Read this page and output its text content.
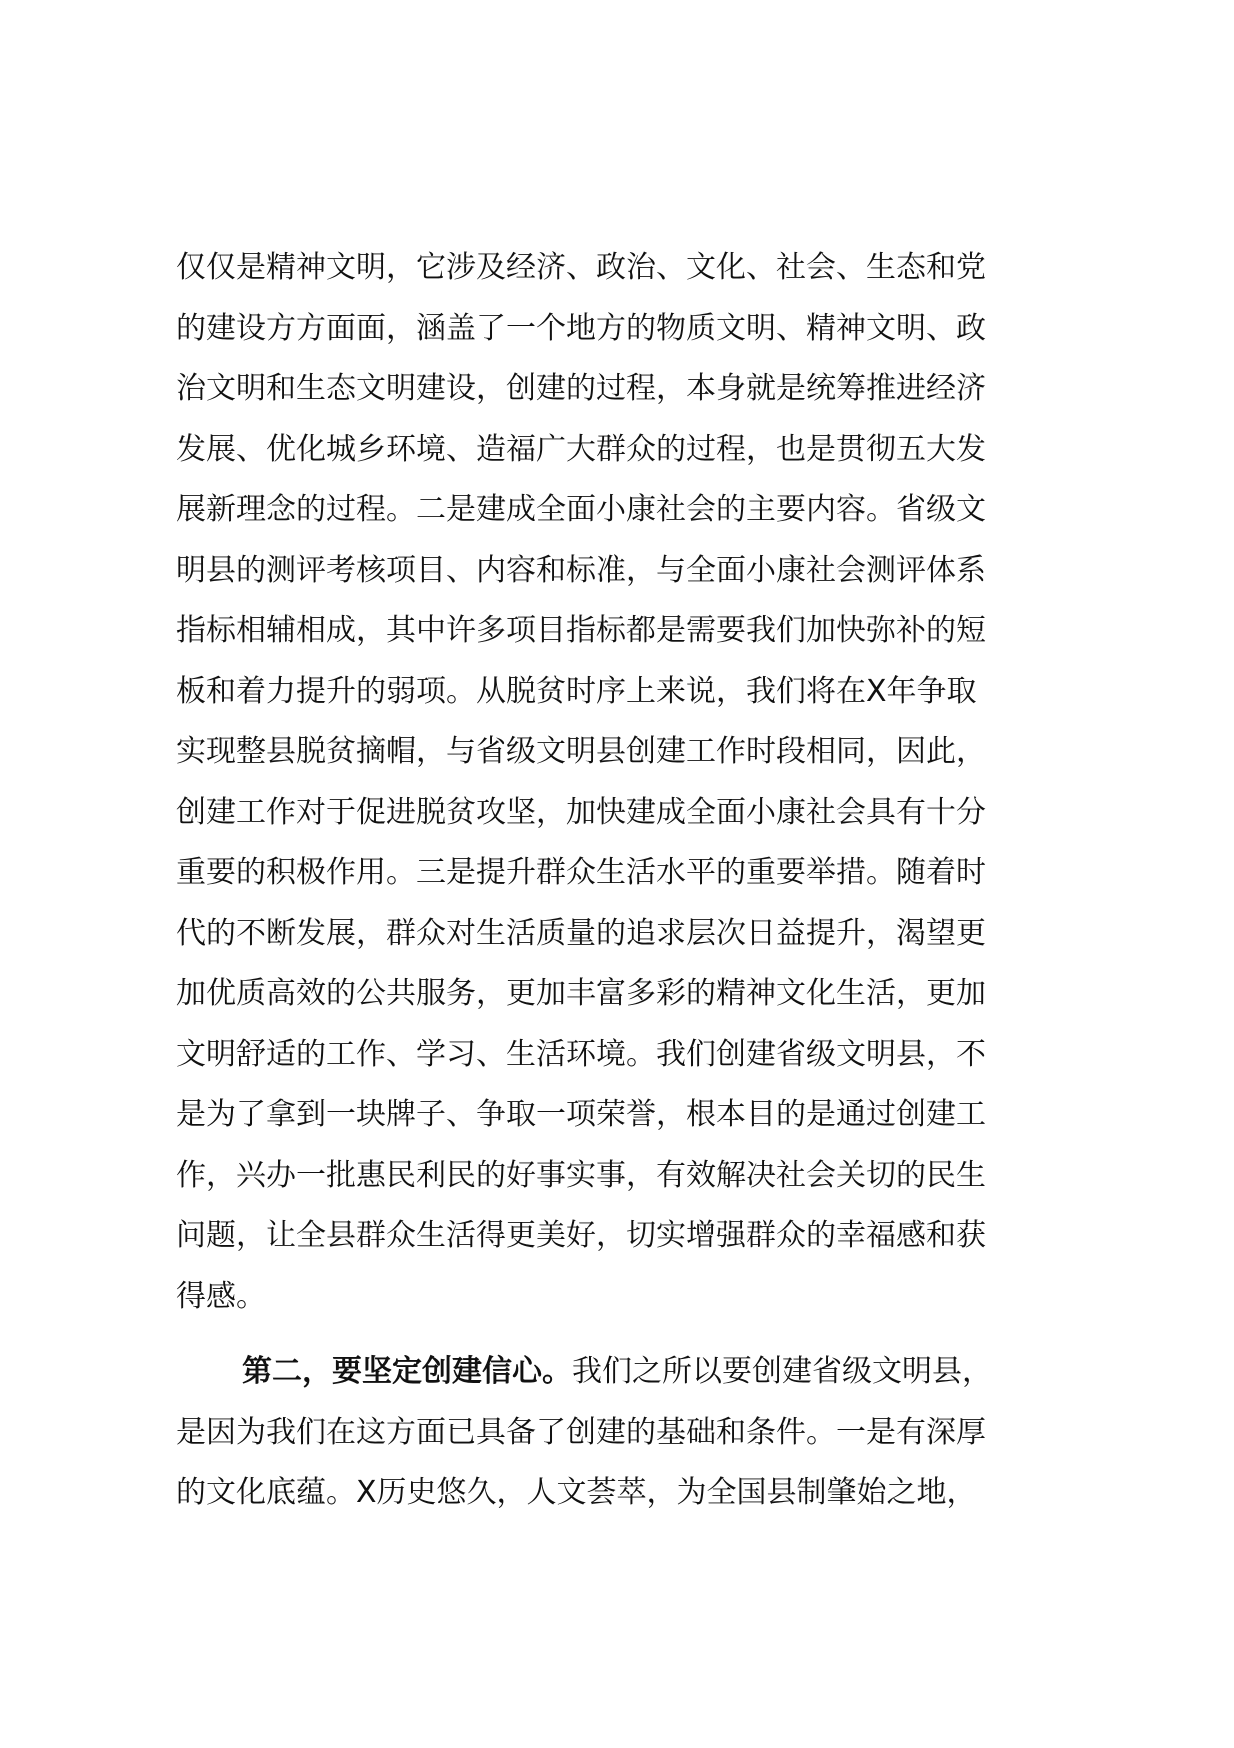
仅仅是精神文明，它涉及经济、政治、文化、社会、生态和党
的建设方方面面，涵盖了一个地方的物质文明、精神文明、政
治文明和生态文明建设，创建的过程，本身就是统筹推进经济
发展、优化城乡环境、造福广大群众的过程，也是贯彻五大发
展新理念的过程。二是建成全面小康社会的主要内容。省级文
明县的测评考核项目、内容和标准，与全面小康社会测评体系
指标相辅相成，其中许多项目指标都是需要我们加快弥补的短
板和着力提升的弱项。从脱贫时序上来说，我们将在X年争取
实现整县脱贫摘帽，与省级文明县创建工作时段相同，因此，
创建工作对于促进脱贫攻坚，加快建成全面小康社会具有十分
重要的积极作用。三是提升群众生活水平的重要举措。随着时
代的不断发展，群众对生活质量的追求层次日益提升，渴望更
加优质高效的公共服务，更加丰富多彩的精神文化生活，更加
文明舒适的工作、学习、生活环境。我们创建省级文明县，不
是为了拿到一块牌子、争取一项荣誉，根本目的是通过创建工
作，兴办一批惠民利民的好事实事，有效解决社会关切的民生
问题，让全县群众生活得更美好，切实增强群众的幸福感和获
得感。
第二，要坚定创建信心。我们之所以要创建省级文明县，
是因为我们在这方面已具备了创建的基础和条件。一是有深厚
的文化底蕴。X历史悠久，人文荟萃，为全国县制肇始之地，
